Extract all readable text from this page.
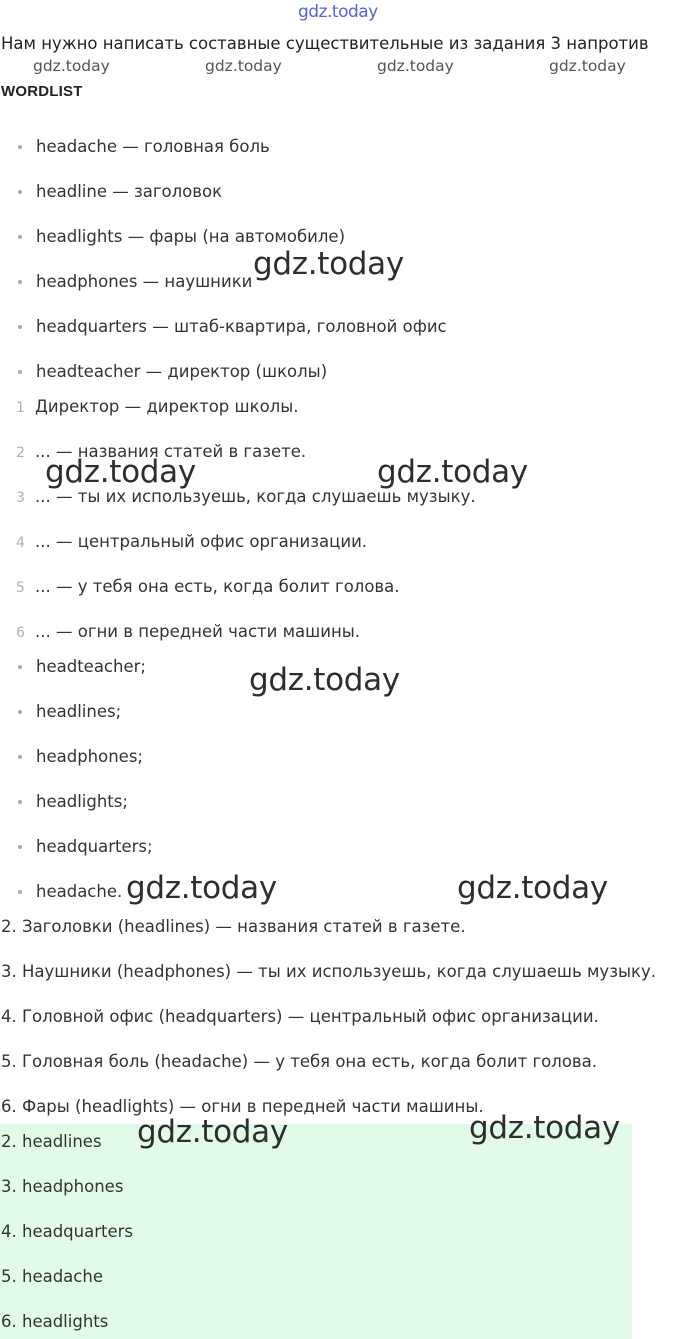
gdz.today
Нам нужно написать составные существительные из задания 3 напротив
gdz.today	gdz.today	gdz.today	gdz.today
WORDLIST
headache — головная боль
headline — заголовок
headlights — фары (на автомобиле)
headphones — наушники
headquarters — штаб-квартира, головной офис
headteacher — директор (школы)
1 Директор — директор школы.
2 ... — названия статей в газете.
3 ... — ты их используешь, когда слушаешь музыку.
4 ... — центральный офис организации.
5 ... — у тебя она есть, когда болит голова.
6 ... — огни в передней части машины.
headteacher;
headlines;
headphones;
headlights;
headquarters;
headache.
2. Заголовки (headlines) — названия статей в газете.
3. Наушники (headphones) — ты их используешь, когда слушаешь музыку.
4. Головной офис (headquarters) — центральный офис организации.
5. Головная боль (headache) — у тебя она есть, когда болит голова.
6. Фары (headlights) — огни в передней части машины.
2. headlines
3. headphones
4. headquarters
5. headache
6. headlights
gdz.today
gdz.today	gdz.today
gdz.today
gdz.today	gdz.today
gdz.today	gdz.today
